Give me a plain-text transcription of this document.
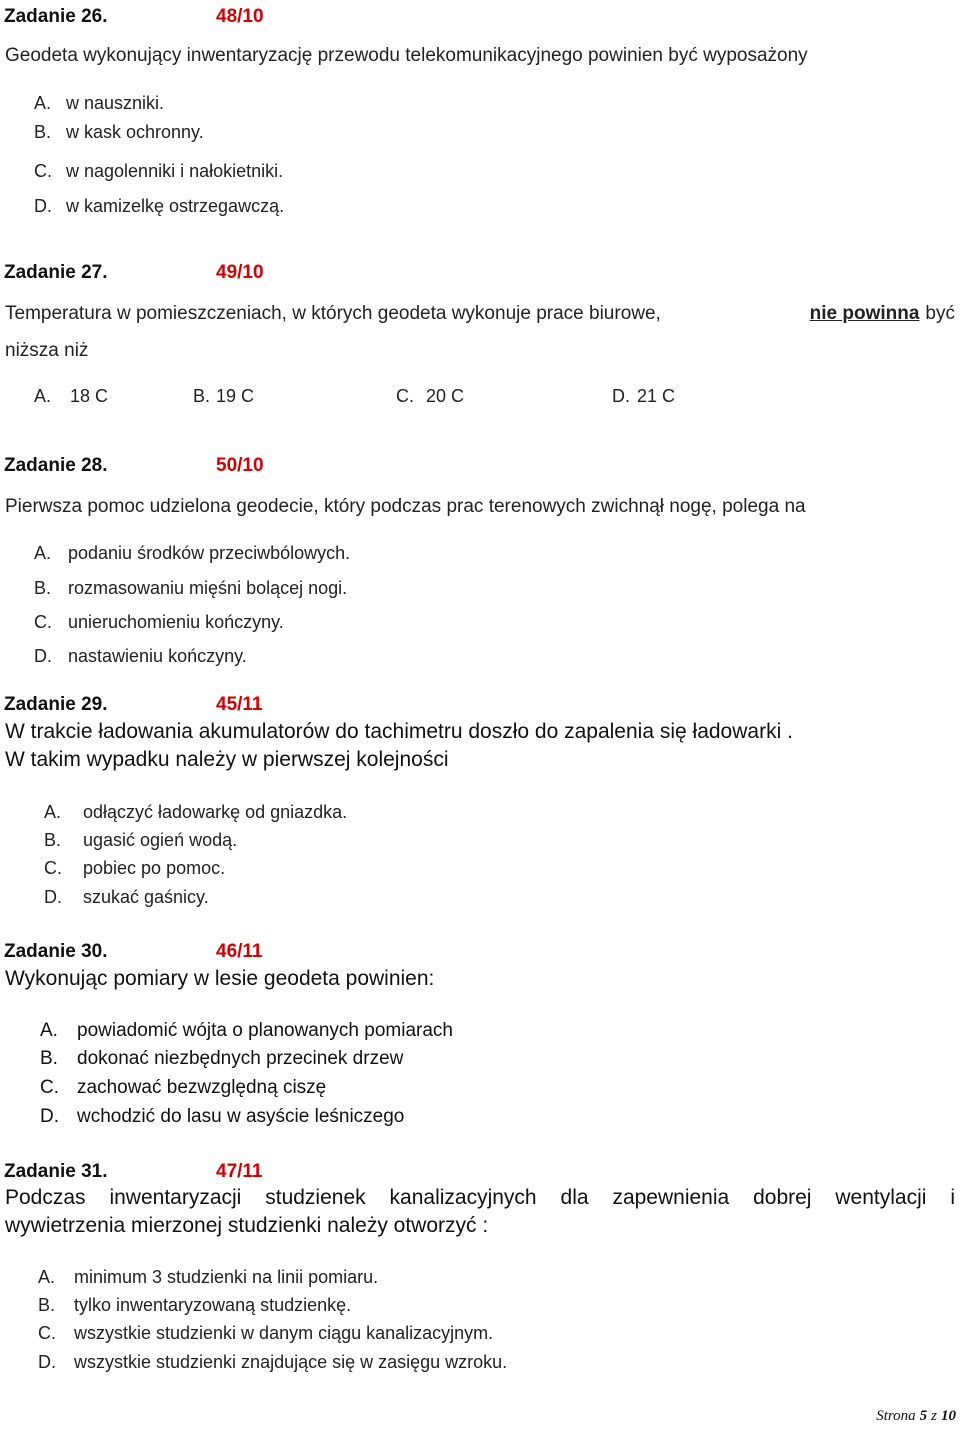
Zadanie 26.	48/10
Geodeta wykonujący inwentaryzację przewodu telekomunikacyjnego powinien być wyposażony
A. w nauszniki.
B. w kask ochronny.
C. w nagolenniki i nałokietniki.
D. w kamizelkę ostrzegawczą.
Zadanie 27.	49/10
Temperatura w pomieszczeniach, w których geodeta wykonuje prace biurowe,	nie powinna być
niższa niż
A. 18 C	B. 19 C	C. 20 C	D. 21 C
Zadanie 28.	50/10
Pierwsza pomoc udzielona geodecie, który podczas prac terenowych zwichnął nogę, polega na
A. podaniu środków przeciwbólowych.
B. rozmasowaniu mięśni bolącej nogi.
C. unieruchomieniu kończyny.
D. nastawieniu kończyny.
Zadanie 29.	45/11
W trakcie ładowania akumulatorów do tachimetru doszło do zapalenia się ładowarki .
W takim wypadku należy w pierwszej kolejności
A. odłączyć ładowarkę od gniazdka.
B. ugasić ogień wodą.
C. pobiec po pomoc.
D. szukać gaśnicy.
Zadanie 30.	46/11
Wykonując pomiary w lesie geodeta powinien:
A. powiadomić wójta o planowanych pomiarach
B. dokonać niezbędnych przecinek drzew
C. zachować bezwzględną ciszę
D. wchodzić do lasu w asyście leśniczego
Zadanie 31.	47/11
Podczas inwentaryzacji studzienek kanalizacyjnych dla zapewnienia dobrej wentylacji i
wywietrzenia mierzonej studzienki należy otworzyć :
A. minimum 3 studzienki na linii pomiaru.
B. tylko inwentaryzowaną studzienkę.
C. wszystkie studzienki w danym ciągu kanalizacyjnym.
D. wszystkie studzienki znajdujące się w zasięgu wzroku.
Strona 5 z 10
